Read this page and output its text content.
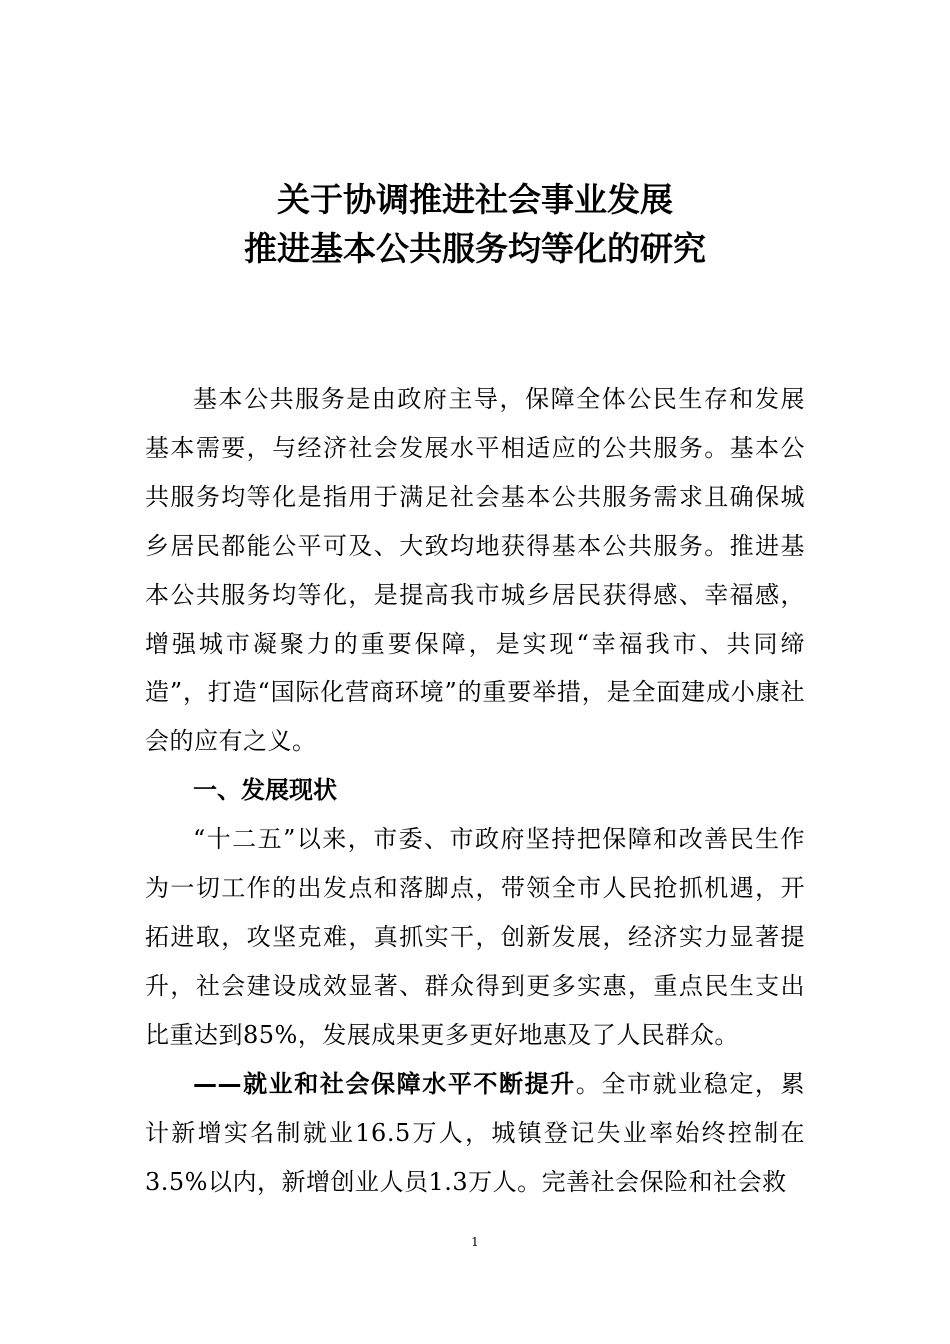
关于协调推进社会事业发展
推进基本公共服务均等化的研究

基本公共服务是由政府主导，保障全体公民生存和发展基本需要，与经济社会发展水平相适应的公共服务。基本公共服务均等化是指用于满足社会基本公共服务需求且确保城乡居民都能公平可及、大致均地获得基本公共服务。推进基本公共服务均等化，是提高我市城乡居民获得感、幸福感，增强城市凝聚力的重要保障，是实现“幸福我市、共同缔造”，打造“国际化营商环境”的重要举措，是全面建成小康社会的应有之义。

一、发展现状

“十二五”以来，市委、市政府坚持把保障和改善民生作为一切工作的出发点和落脚点，带领全市人民抢抓机遇，开拓进取，攻坚克难，真抓实干，创新发展，经济实力显著提升，社会建设成效显著、群众得到更多实惠，重点民生支出比重达到85%，发展成果更多更好地惠及了人民群众。

——就业和社会保障水平不断提升。全市就业稳定，累计新增实名制就业16.5万人，城镇登记失业率始终控制在3.5%以内，新增创业人员1.3万人。完善社会保险和社会救

1
